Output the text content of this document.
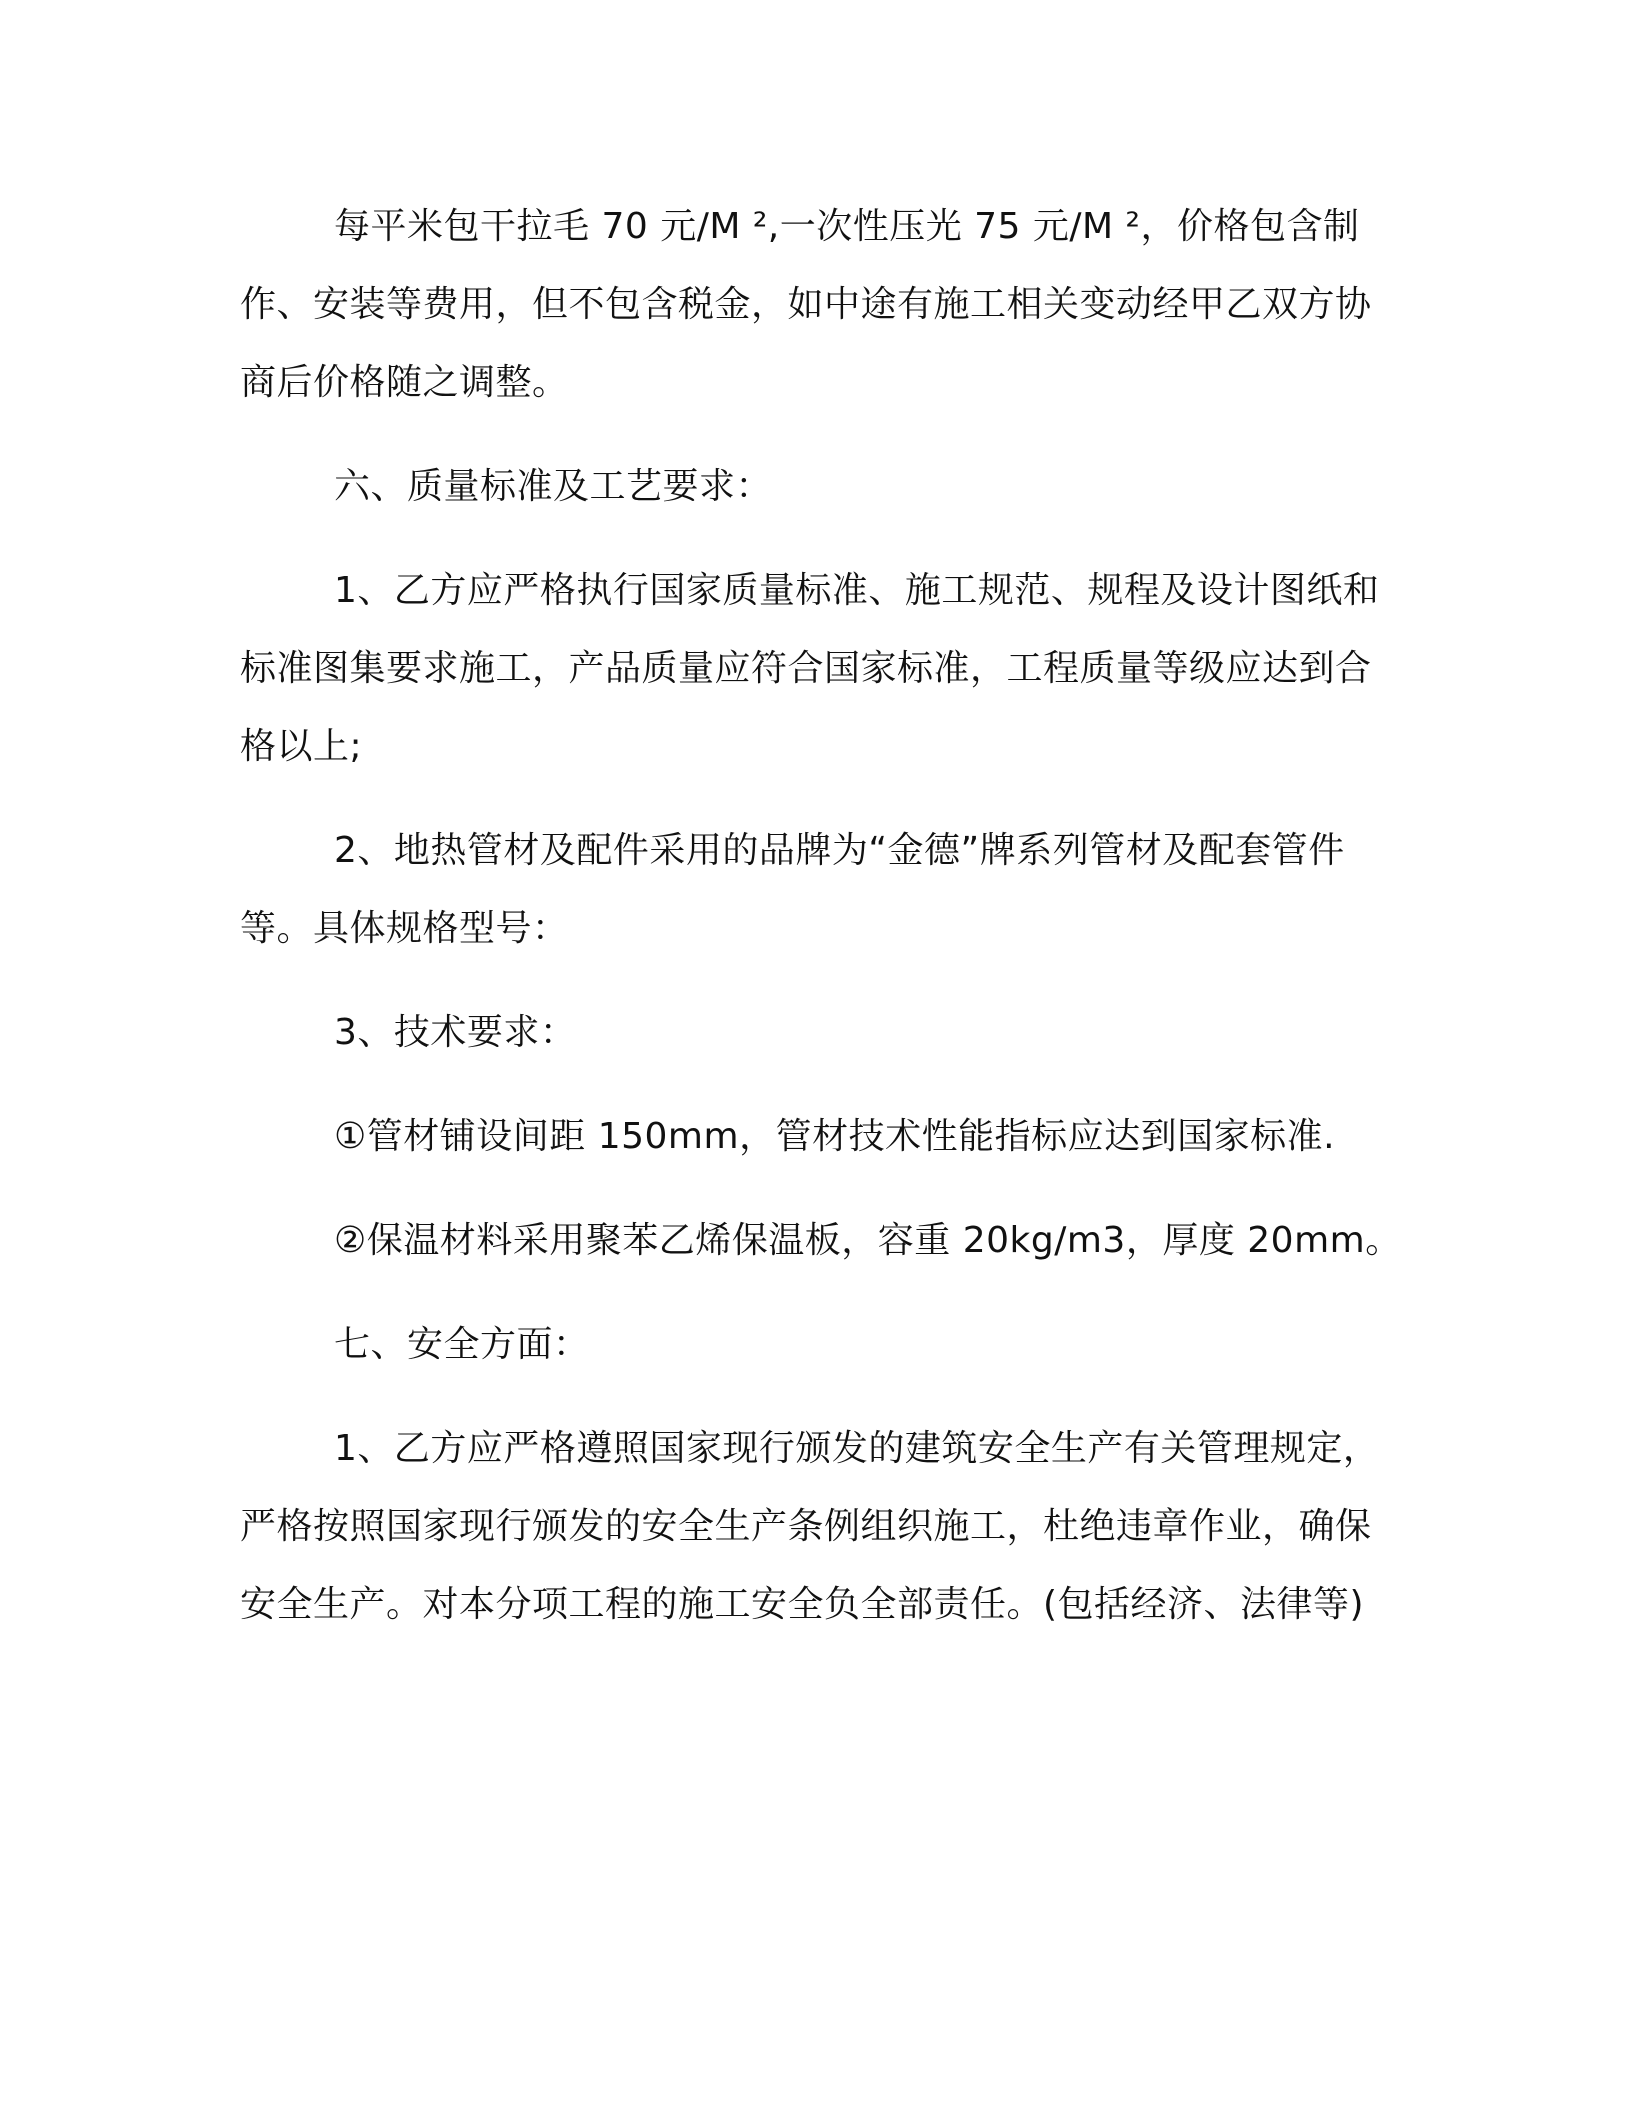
每平米包干拉毛 70 元/M ²,一次性压光 75 元/M ²，价格包含制作、安装等费用，但不包含税金，如中途有施工相关变动经甲乙双方协商后价格随之调整。

六、质量标准及工艺要求：

1、乙方应严格执行国家质量标准、施工规范、规程及设计图纸和标准图集要求施工，产品质量应符合国家标准，工程质量等级应达到合格以上;

2、地热管材及配件采用的品牌为“金德”牌系列管材及配套管件等。具体规格型号：

3、技术要求：

①管材铺设间距 150mm，管材技术性能指标应达到国家标准.

②保温材料采用聚苯乙烯保温板，容重 20kg/m3，厚度 20mm。

七、安全方面：

1、乙方应严格遵照国家现行颁发的建筑安全生产有关管理规定，严格按照国家现行颁发的安全生产条例组织施工，杜绝违章作业，确保安全生产。对本分项工程的施工安全负全部责任。(包括经济、法律等)
